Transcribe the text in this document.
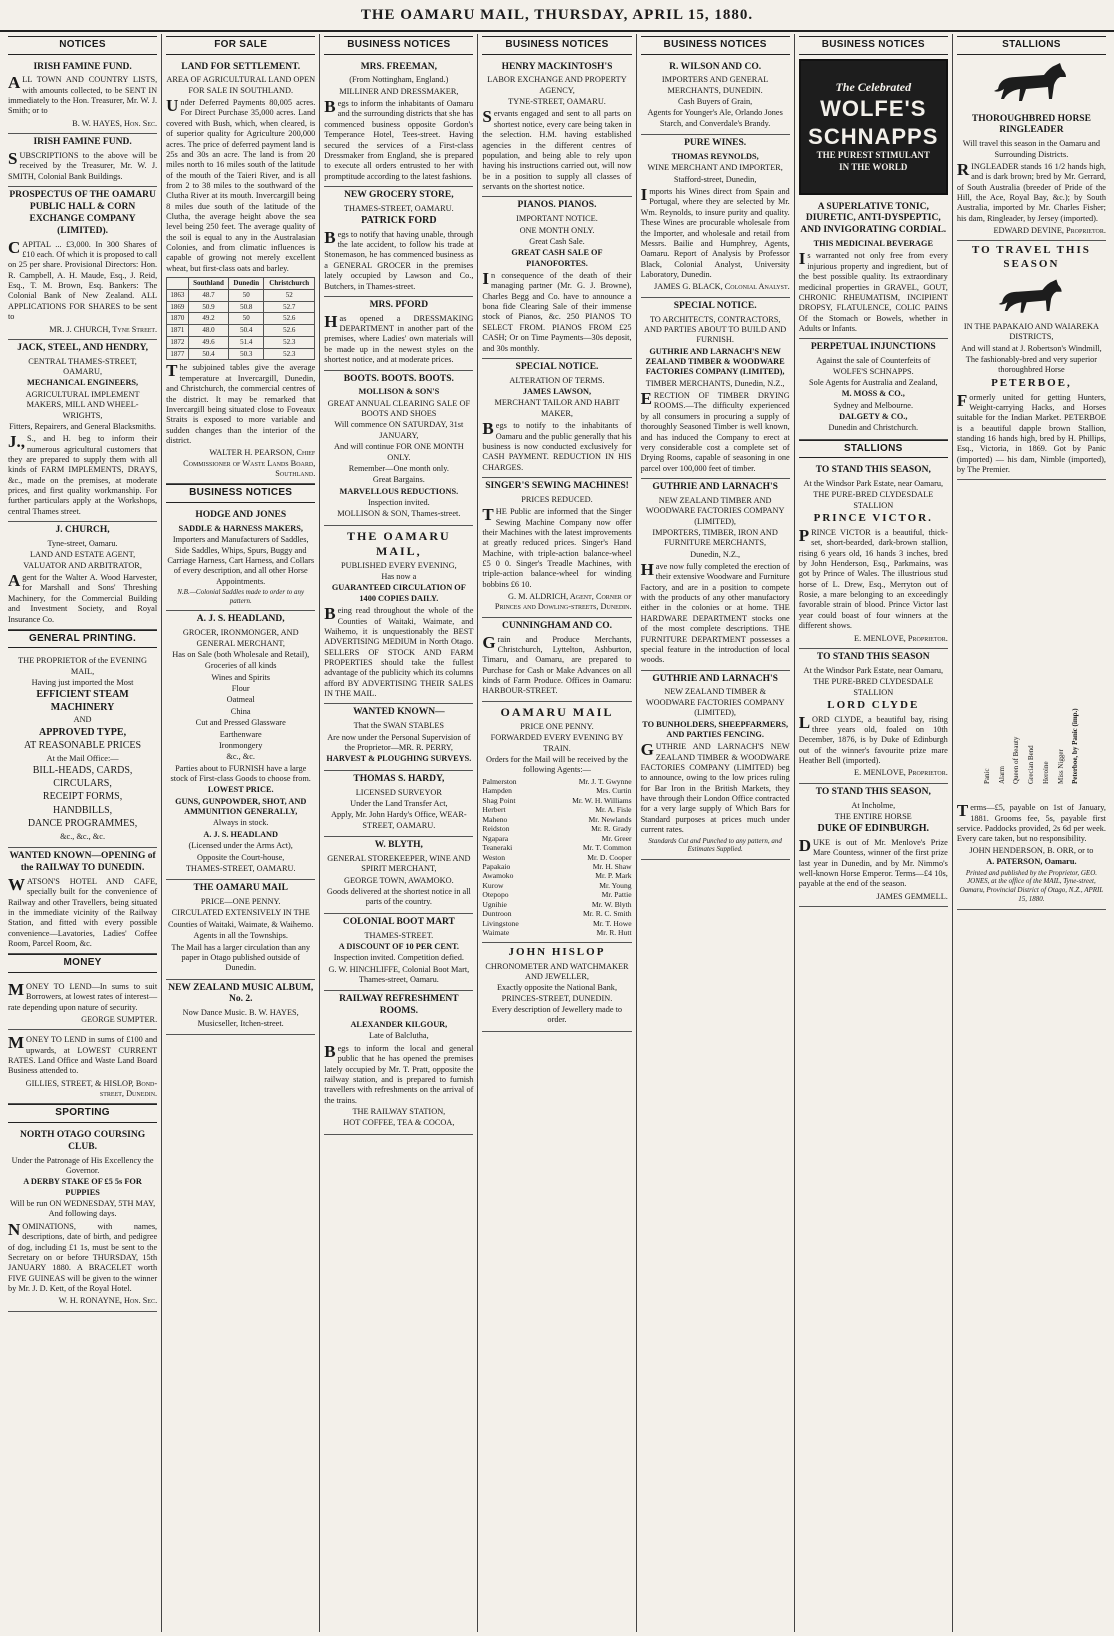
THE OAMARU MAIL, THURSDAY, APRIL 15, 1880.
NOTICES
IRISH FAMINE FUND.
ALL TOWN AND COUNTRY LISTS, with amounts collected, to be SENT IN immediately to the Hon. Treasurer, Mr. W. J. Smith; or to
B. W. HAYES, Hon. Sec.
IRISH FAMINE FUND.
SUBSCRIPTIONS to the above will be received by the Treasurer, Mr. W. J. SMITH, Colonial Bank Buildings.
PROSPECTUS OF THE OAMARU PUBLIC HALL & CORN EXCHANGE COMPANY (LIMITED).
CAPITAL ... £3,000. In 300 Shares of £10 each. Of which it is proposed to call on 25 per share. Provisional Directors: Hon. R. Campbell, A. H. Maude, Esq., J. Reid, Esq., T. M. Brown, Esq. Bankers: The Colonial Bank of New Zealand. ALL APPLICATIONS FOR SHARES to be sent to
MR. J. CHURCH, Tyne Street.
JACK, STEEL, AND HENDRY,
CENTRAL THAMES-STREET, OAMARU,
MECHANICAL ENGINEERS,
AGRICULTURAL IMPLEMENT MAKERS, MILL AND WHEEL-WRIGHTS,
Fitters, Repairers, and General Blacksmiths.
J.,S., and H. beg to inform their numerous agricultural customers that they are prepared to supply them with all kinds of FARM IMPLEMENTS, DRAYS, &c., made on the premises, at moderate prices, and first quality workmanship. For further particulars apply at the Workshops, central Thames street.
J. CHURCH,
Tyne-street, Oamaru.
LAND AND ESTATE AGENT, VALUATOR AND ARBITRATOR,
Agent for the Walter A. Wood Harvester, for Marshall and Sons' Threshing Machinery, for the Commercial Building and Investment Society, and Royal Insurance Co.
GENERAL PRINTING.
THE PROPRIETOR of the EVENING MAIL,
Having just imported the Most
EFFICIENT STEAM MACHINERY
AND
APPROVED TYPE,
AT REASONABLE PRICES
At the Mail Office:—
BILL-HEADS, CARDS, CIRCULARS,
RECEIPT FORMS,
HANDBILLS,
DANCE PROGRAMMES,
&c., &c., &c.
WANTED KNOWN—OPENING of the RAILWAY TO DUNEDIN.
WATSON'S HOTEL AND CAFE, specially built for the convenience of Railway and other Travellers, being situated in the immediate vicinity of the Railway Station, and fitted with every possible convenience—Lavatories, Ladies' Coffee Room, Parcel Room, &c.
MONEY
MONEY TO LEND—In sums to suit Borrowers, at lowest rates of interest—rate depending upon nature of security.
GEORGE SUMPTER.
MONEY TO LEND in sums of £100 and upwards, at LOWEST CURRENT RATES. Land Office and Waste Land Board Business attended to.
GILLIES, STREET, & HISLOP, Bond-street, Dunedin.
SPORTING
NORTH OTAGO COURSING CLUB.
Under the Patronage of His Excellency the Governor.
A DERBY STAKE OF £5 5s FOR PUPPIES
Will be run ON WEDNESDAY, 5TH MAY, And following days.
NOMINATIONS, with names, descriptions, date of birth, and pedigree of dog, including £1 1s, must be sent to the Secretary on or before THURSDAY, 15th JANUARY 1880. A BRACELET worth FIVE GUINEAS will be given to the winner by Mr. J. D. Kett, of the Royal Hotel.
W. H. RONAYNE, Hon. Sec.
FOR SALE
LAND FOR SETTLEMENT.
AREA OF AGRICULTURAL LAND OPEN FOR SALE IN SOUTHLAND.
Under Deferred Payments 80,005 acres. For Direct Purchase 35,000 acres. Land covered with Bush, which, when cleared, is of superior quality for Agriculture 200,000 acres. The price of deferred payment land is 25s and 30s an acre. The land is from 20 miles north to 16 miles south of the latitude of the mouth of the Taieri River, and is all from 2 to 38 miles to the southward of the Clutha River at its mouth. Invercargill being 8 miles due south of the latitude of the Clutha, the average height above the sea level being 250 feet. The average quality of the soil is equal to any in the Australasian Colonies, and from climatic influences is capable of growing not merely excellent wheat, but first-class oats and barley.
	Southland	Dunedin	Christchurch
1863	48.7	50	52
1869	50.9	50.8	52.7
1870	49.2	50	52.6
1871	48.0	50.4	52.6
1872	49.6	51.4	52.3
1877	50.4	50.3	52.3
The subjoined tables give the average temperature at Invercargill, Dunedin, and Christchurch, the commercial centres of the district. It may be remarked that Invercargill being situated close to Foveaux Straits is exposed to more variable and sudden changes than the interior of the district.
WALTER H. PEARSON, Chief Commissioner of Waste Lands Board, Southland.
BUSINESS NOTICES
HODGE AND JONES
SADDLE & HARNESS MAKERS,
Importers and Manufacturers of Saddles, Side Saddles, Whips, Spurs, Buggy and Carriage Harness, Cart Harness, and Collars of every description, and all other Horse Appointments.
N.B.—Colonial Saddles made to order to any pattern.
A. J. S. HEADLAND,
GROCER, IRONMONGER, AND GENERAL MERCHANT,
Has on Sale (both Wholesale and Retail),
Groceries of all kinds
Wines and Spirits
Flour
Oatmeal
China
Cut and Pressed Glassware
Earthenware
Ironmongery
&c., &c.
Parties about to FURNISH have a large stock of First-class Goods to choose from.
LOWEST PRICE.
GUNS, GUNPOWDER, SHOT, AND AMMUNITION GENERALLY,
Always in stock.
A. J. S. HEADLAND
(Licensed under the Arms Act),
Opposite the Court-house,
THAMES-STREET, OAMARU.
THE OAMARU MAIL
PRICE—ONE PENNY.
CIRCULATED EXTENSIVELY IN THE
Counties of Waitaki, Waimate, & Waihemo.
Agents in all the Townships.
The Mail has a larger circulation than any paper in Otago published outside of Dunedin.
NEW ZEALAND MUSIC ALBUM, No. 2.
Now Dance Music. B. W. HAYES, Musicseller, Itchen-street.
BUSINESS NOTICES
MRS. FREEMAN,
(From Nottingham, England.)
MILLINER AND DRESSMAKER,
Begs to inform the inhabitants of Oamaru and the surrounding districts that she has commenced business opposite Gordon's Temperance Hotel, Tees-street. Having secured the services of a First-class Dressmaker from England, she is prepared to execute all orders entrusted to her with promptitude according to the latest fashions.
NEW GROCERY STORE,
THAMES-STREET, OAMARU.
PATRICK FORD
Begs to notify that having unable, through the late accident, to follow his trade at Stonemason, he has commenced business as a GENERAL GROCER in the premises lately occupied by Lawson and Co., Butchers, in Thames-street.
MRS. PFORD
Has opened a DRESSMAKING DEPARTMENT in another part of the premises, where Ladies' own materials will be made up in the newest styles on the shortest notice, and at moderate prices.
BOOTS. BOOTS. BOOTS.
MOLLISON & SON'S
GREAT ANNUAL CLEARING SALE OF BOOTS AND SHOES
Will commence ON SATURDAY, 31st JANUARY,
And will continue FOR ONE MONTH ONLY.
Remember—One month only.
Great Bargains.
MARVELLOUS REDUCTIONS.
Inspection invited.
MOLLISON & SON, Thames-street.
THE OAMARU MAIL,
PUBLISHED EVERY EVENING,
Has now a
GUARANTEED CIRCULATION OF 1400 COPIES DAILY.
Being read throughout the whole of the Counties of Waitaki, Waimate, and Waihemo, it is unquestionably the BEST ADVERTISING MEDIUM in North Otago. SELLERS OF STOCK AND FARM PROPERTIES should take the fullest advantage of the publicity which its columns afford BY ADVERTISING THEIR SALES IN THE MAIL.
WANTED KNOWN—
That the SWAN STABLES
Are now under the Personal Supervision of the Proprietor—MR. R. PERRY,
HARVEST & PLOUGHING SURVEYS.
THOMAS S. HARDY,
LICENSED SURVEYOR
Under the Land Transfer Act,
Apply, Mr. John Hardy's Office, WEAR-STREET, OAMARU.
W. BLYTH,
GENERAL STOREKEEPER, WINE AND SPIRIT MERCHANT,
GEORGE TOWN, AWAMOKO.
Goods delivered at the shortest notice in all parts of the country.
COLONIAL BOOT MART
THAMES-STREET.
A DISCOUNT OF 10 PER CENT.
Inspection invited. Competition defied.
G. W. HINCHLIFFE, Colonial Boot Mart, Thames-street, Oamaru.
RAILWAY REFRESHMENT ROOMS.
ALEXANDER KILGOUR,
Late of Balclutha,
Begs to inform the local and general public that he has opened the premises lately occupied by Mr. T. Pratt, opposite the railway station, and is prepared to furnish travellers with refreshments on the arrival of the trains.
THE RAILWAY STATION,
HOT COFFEE, TEA & COCOA,
BUSINESS NOTICES
HENRY MACKINTOSH'S
LABOR EXCHANGE AND PROPERTY AGENCY,
TYNE-STREET, OAMARU.
Servants engaged and sent to all parts on shortest notice, every care being taken in the selection. H.M. having established agencies in the different centres of population, and being able to rely upon having his instructions carried out, will now be in a position to supply all classes of servants on the shortest notice.
PIANOS. PIANOS.
IMPORTANT NOTICE.
ONE MONTH ONLY.
Great Cash Sale.
GREAT CASH SALE OF PIANOFORTES.
In consequence of the death of their managing partner (Mr. G. J. Browne), Charles Begg and Co. have to announce a bona fide Clearing Sale of their immense stock of Pianos, &c. 250 PIANOS TO SELECT FROM. PIANOS FROM £25 CASH; Or on Time Payments—30s deposit, and 30s monthly.
SPECIAL NOTICE.
ALTERATION OF TERMS.
JAMES LAWSON,
MERCHANT TAILOR AND HABIT MAKER,
Begs to notify to the inhabitants of Oamaru and the public generally that his business is now conducted exclusively for CASH PAYMENT. REDUCTION IN HIS CHARGES.
SINGER'S SEWING MACHINES!
PRICES REDUCED.
THE Public are informed that the Singer Sewing Machine Company now offer their Machines with the latest improvements at greatly reduced prices. Singer's Hand Machine, with triple-action balance-wheel £5 0 0. Singer's Treadle Machines, with triple-action balance-wheel for winding bobbins £6 10.
G. M. ALDRICH, Agent, Corner of Princes and Dowling-streets, Dunedin.
CUNNINGHAM AND CO.
Grain and Produce Merchants, Christchurch, Lyttelton, Ashburton, Timaru, and Oamaru, are prepared to Purchase for Cash or Make Advances on all kinds of Farm Produce. Offices in Oamaru: HARBOUR-STREET.
OAMARU MAIL
PRICE ONE PENNY.
FORWARDED EVERY EVENING BY TRAIN.
Orders for the Mail will be received by the following Agents:—
Palmerston	Mr. J. T. Gwynne
Hampden	Mrs. Curtin
Shag Point	Mr. W. H. Williams
Herbert	Mr. A. Fisle
Maheno	Mr. Newlands
Reidston	Mr. R. Grady
Ngapara	Mr. Greer
Teaneraki	Mr. T. Common
Weston	Mr. D. Cooper
Papakaio	Mr. H. Shaw
Awamoko	Mr. P. Mark
Kurow	Mr. Young
Otepopo	Mr. Pattie
Ugnihie	Mr. W. Blyth
Duntroon	Mr. R. C. Smith
Livingstone	Mr. T. Howe
Waimate	Mr. R. Hutt
JOHN HISLOP
CHRONOMETER AND WATCHMAKER AND JEWELLER,
Exactly opposite the National Bank, PRINCES-STREET, DUNEDIN.
Every description of Jewellery made to order.
BUSINESS NOTICES
R. WILSON AND CO.
IMPORTERS AND GENERAL MERCHANTS, DUNEDIN.
Cash Buyers of Grain,
Agents for Younger's Ale, Orlando Jones Starch, and Converdale's Brandy.
PURE WINES.
THOMAS REYNOLDS,
WINE MERCHANT AND IMPORTER,
Stafford-street, Dunedin,
Imports his Wines direct from Spain and Portugal, where they are selected by Mr. Wm. Reynolds, to insure purity and quality. These Wines are procurable wholesale from the Importer, and wholesale and retail from Messrs. Bailie and Humphrey, Agents, Oamaru. Report of Analysis by Professor Black, Colonial Analyst, University Laboratory, Dunedin.
JAMES G. BLACK, Colonial Analyst.
SPECIAL NOTICE.
TO ARCHITECTS, CONTRACTORS, AND PARTIES ABOUT TO BUILD AND FURNISH.
GUTHRIE AND LARNACH'S NEW ZEALAND TIMBER & WOODWARE FACTORIES COMPANY (LIMITED),
TIMBER MERCHANTS, Dunedin, N.Z.,
ERECTION OF TIMBER DRYING ROOMS.—The difficulty experienced by all consumers in procuring a supply of thoroughly Seasoned Timber is well known, and has induced the Company to erect at very considerable cost a complete set of Drying Rooms, capable of seasoning in one parcel over 100,000 feet of timber.
GUTHRIE AND LARNACH'S
NEW ZEALAND TIMBER AND WOODWARE FACTORIES COMPANY (LIMITED),
IMPORTERS, TIMBER, IRON AND FURNITURE MERCHANTS,
Dunedin, N.Z.,
Have now fully completed the erection of their extensive Woodware and Furniture Factory, and are in a position to compete with the products of any other manufactory either in the colonies or at home. THE HARDWARE DEPARTMENT stocks one of the most complete descriptions. THE FURNITURE DEPARTMENT possesses a special feature in the introduction of local woods.
GUTHRIE AND LARNACH'S
NEW ZEALAND TIMBER & WOODWARE FACTORIES COMPANY (LIMITED),
TO BUNHOLDERS, SHEEPFARMERS, AND PARTIES FENCING.
GUTHRIE AND LARNACH'S NEW ZEALAND TIMBER & WOODWARE FACTORIES COMPANY (LIMITED) beg to announce, owing to the low prices ruling for Bar Iron in the British Markets, they have through their London Office contracted for a very large supply of Which Bars for Standard purposes at prices much under current rates.
Standards Cut and Punched to any pattern, and Estimates Supplied.
BUSINESS NOTICES
The Celebrated
WOLFE'S
SCHNAPPS
THE PUREST STIMULANT
IN THE WORLD
A SUPERLATIVE TONIC, DIURETIC, ANTI-DYSPEPTIC, AND INVIGORATING CORDIAL.
THIS MEDICINAL BEVERAGE
Is warranted not only free from every injurious property and ingredient, but of the best possible quality. Its extraordinary medicinal properties in GRAVEL, GOUT, CHRONIC RHEUMATISM, INCIPIENT DROPSY, FLATULENCE, COLIC PAINS Of the Stomach or Bowels, whether in Adults or Infants.
PERPETUAL INJUNCTIONS
Against the sale of Counterfeits of WOLFE'S SCHNAPPS.
Sole Agents for Australia and Zealand,
M. MOSS & CO.,
Sydney and Melbourne.
DALGETY & CO.,
Dunedin and Christchurch.
STALLIONS
TO STAND THIS SEASON,
At the Windsor Park Estate, near Oamaru,
THE PURE-BRED CLYDESDALE STALLION
PRINCE VICTOR.
PRINCE VICTOR is a beautiful, thick-set, short-bearded, dark-brown stallion, rising 6 years old, 16 hands 3 inches, bred by John Henderson, Esq., Parkmains, was got by Prince of Wales. The illustrious stud horse of L. Drew, Esq., Merryton out of Rosie, a mare belonging to an exceedingly favorable strain of blood. Prince Victor last year could boast of four winners at the different shows.
E. MENLOVE, Proprietor.
TO STAND THIS SEASON
At the Windsor Park Estate, near Oamaru,
THE PURE-BRED CLYDESDALE STALLION
LORD CLYDE
LORD CLYDE, a beautiful bay, rising three years old, foaled on 10th December, 1876, is by Duke of Edinburgh out of the winner's favourite prize mare Heather Bell (imported).
E. MENLOVE, Proprietor.
TO STAND THIS SEASON,
At Incholme,
THE ENTIRE HORSE
DUKE OF EDINBURGH.
DUKE is out of Mr. Menlove's Prize Mare Countess, winner of the first prize last year in Dunedin, and by Mr. Nimmo's well-known Horse Emperor. Terms—£4 10s, payable at the end of the season.
JAMES GEMMELL.
STALLIONS
THOROUGHBRED HORSE RINGLEADER
Will travel this season in the Oamaru and Surrounding Districts.
RINGLEADER stands 16 1/2 hands high, and is dark brown; bred by Mr. Gerrard, of South Australia (breeder of Pride of the Hill, the Ace, Royal Bay, &c.); by South Australia, imported by Mr. Charles Fisher; his dam, Ringleader, by Jersey (imported).
EDWARD DEVINE, Proprietor.
TO TRAVEL THIS SEASON
IN THE PAPAKAIO AND WAIAREKA DISTRICTS,
And will stand at J. Robertson's Windmill,
The fashionably-bred and very superior thoroughbred Horse
PETERBOE,
Formerly united for getting Hunters, Weight-carrying Hacks, and Horses suitable for the Indian Market. PETERBOE is a beautiful dapple brown Stallion, standing 16 hands high, bred by H. Phillips, Esq., Victoria, in 1869. Got by Panic (imported) — his dam, Nimble (imported), by The Premier.
Panic Alarm Queen of Beauty Grecian Bend Heroine Miss Nigger Peterboe, by Panic (imp.)
Terms—£5, payable on 1st of January, 1881. Grooms fee, 5s, payable first service. Paddocks provided, 2s 6d per week. Every care taken, but no responsibility.
JOHN HENDERSON, B. ORR, or to
A. PATERSON, Oamaru.
Printed and published by the Proprietor, GEO. JONES, at the office of the MAIL, Tyne-street, Oamaru, Provincial District of Otago, N.Z., APRIL 15, 1880.
